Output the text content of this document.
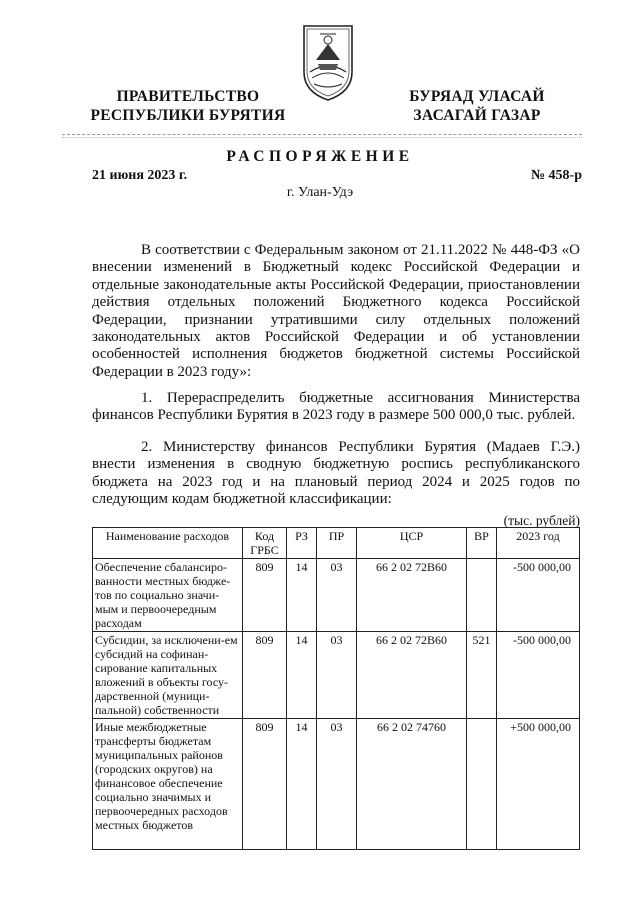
ПРАВИТЕЛЬСТВО
РЕСПУБЛИКИ БУРЯТИЯ
БУРЯАД УЛАСАЙ
ЗАСАГАЙ ГАЗАР
РАСПОРЯЖЕНИЕ
21 июня 2023 г.	№ 458-р
г. Улан-Удэ

В соответствии с Федеральным законом от 21.11.2022 № 448-ФЗ «О внесении изменений в Бюджетный кодекс Российской Федерации и отдельные законодательные акты Российской Федерации, приостановлении действия отдельных положений Бюджетного кодекса Российской Федерации, признании утратившими силу отдельных положений законодательных актов Российской Федерации и об установлении особенностей исполнения бюджетов бюджетной системы Российской Федерации в 2023 году»:

1. Перераспределить бюджетные ассигнования Министерства финансов Республики Бурятия в 2023 году в размере 500 000,0 тыс. рублей.

2. Министерству финансов Республики Бурятия (Мадаев Г.Э.) внести изменения в сводную бюджетную роспись республиканского бюджета на 2023 год и на плановый период 2024 и 2025 годов по следующим кодам бюджетной классификации:

(тыс. рублей)
Наименование расходов	Код ГРБС	РЗ	ПР	ЦСР	ВР	2023 год
Обеспечение сбалансиро-ванности местных бюдже-тов по социально значи-мым и первоочередным расходам	809	14	03	66 2 02 72В60		-500 000,00
Субсидии, за исключени-ем субсидий на софинан-сирование капитальных вложений в объекты госу-дарственной (муници-пальной) собственности	809	14	03	66 2 02 72В60	521	-500 000,00
Иные межбюджетные трансферты бюджетам муниципальных районов (городских округов) на финансовое обеспечение социально значимых и первоочередных расходов местных бюджетов	809	14	03	66 2 02 74760		+500 000,00
